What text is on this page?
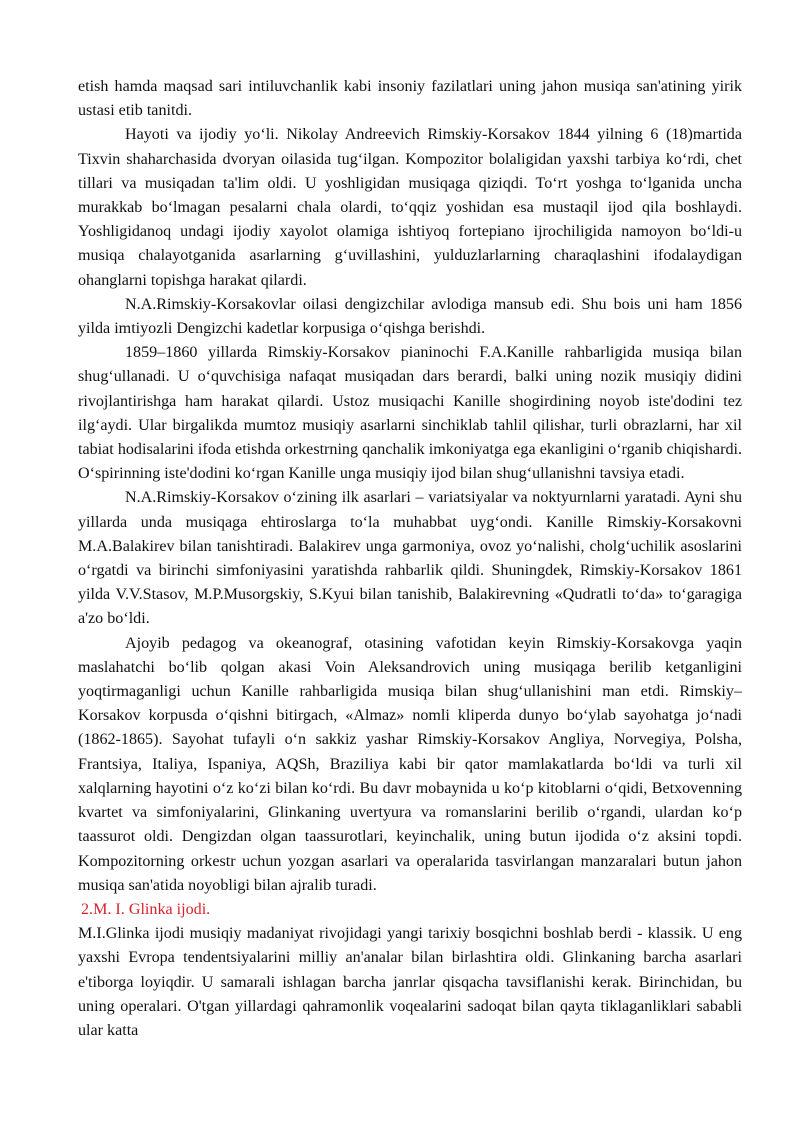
etish hamda maqsad sari intiluvchanlik kabi insoniy fazilatlari uning jahon musiqa san'atining yirik ustasi etib tanitdi.

Hayoti va ijodiy yoʻli. Nikolay Andreevich Rimskiy-Korsakov 1844 yilning 6 (18)martida Tixvin shaharchasida dvoryan oilasida tugʻilgan. Kompozitor bolaligidan yaxshi tarbiya koʻrdi, chet tillari va musiqadan ta'lim oldi. U yoshligidan musiqaga qiziqdi. Toʻrt yoshga toʻlganida uncha murakkab boʻlmagan pesalarni chala olardi, toʻqqiz yoshidan esa mustaqil ijod qila boshlaydi. Yoshligidanoq undagi ijodiy xayolot olamiga ishtiyoq fortepiano ijrochiligida namoyon boʻldi-u musiqa chalayotganida asarlarning gʻuvillashini, yulduzlarlarning charaqlashini ifodalaydigan ohanglarni topishga harakat qilardi.

N.A.Rimskiy-Korsakovlar oilasi dengizchilar avlodiga mansub edi. Shu bois uni ham 1856 yilda imtiyozli Dengizchi kadetlar korpusiga oʻqishga berishdi.

1859–1860 yillarda Rimskiy-Korsakov pianinochi F.A.Kanille rahbarligida musiqa bilan shugʻullanadi. U oʻquvchisiga nafaqat musiqadan dars berardi, balki uning nozik musiqiy didini rivojlantirishga ham harakat qilardi. Ustoz musiqachi Kanille shogirdining noyob iste'dodini tez ilgʻaydi. Ular birgalikda mumtoz musiqiy asarlarni sinchiklab tahlil qilishar, turli obrazlarni, har xil tabiat hodisalarini ifoda etishda orkestrning qanchalik imkoniyatga ega ekanligini oʻrganib chiqishardi. Oʻspirinning iste'dodini koʻrgan Kanille unga musiqiy ijod bilan shugʻullanishni tavsiya etadi.

N.A.Rimskiy-Korsakov oʻzining ilk asarlari – variatsiyalar va noktyurnlarni yaratadi. Ayni shu yillarda unda musiqaga ehtiroslarga toʻla muhabbat uygʻondi. Kanille Rimskiy-Korsakovni M.A.Balakirev bilan tanishtiradi. Balakirev unga garmoniya, ovoz yoʻnalishi, cholgʻuchilik asoslarini oʻrgatdi va birinchi simfoniyasini yaratishda rahbarlik qildi. Shuningdek, Rimskiy-Korsakov 1861 yilda V.V.Stasov, M.P.Musorgskiy, S.Kyui bilan tanishib, Balakirevning «Qudratli toʻda» toʻgaragiga a'zo boʻldi.

Ajoyib pedagog va okeanograf, otasining vafotidan keyin Rimskiy-Korsakovga yaqin maslahatchi boʻlib qolgan akasi Voin Aleksandrovich uning musiqaga berilib ketganligini yoqtirmaganligi uchun Kanille rahbarligida musiqa bilan shugʻullanishini man etdi. Rimskiy–Korsakov korpusda oʻqishni bitirgach, «Almaz» nomli kliperda dunyo boʻylab sayohatga joʻnadi (1862-1865). Sayohat tufayli oʻn sakkiz yashar Rimskiy-Korsakov Angliya, Norvegiya, Polsha, Frantsiya, Italiya, Ispaniya, AQSh, Braziliya kabi bir qator mamlakatlarda boʻldi va turli xil xalqlarning hayotini oʻz koʻzi bilan koʻrdi. Bu davr mobaynida u koʻp kitoblarni oʻqidi, Betxovenning kvartet va simfoniyalarini, Glinkaning uvertyura va romanslarini berilib oʻrgandi, ulardan koʻp taassurot oldi. Dengizdan olgan taassurotlari, keyinchalik, uning butun ijodida oʻz aksini topdi. Kompozitorning orkestr uchun yozgan asarlari va operalarida tasvirlangan manzaralari butun jahon musiqa san'atida noyobligi bilan ajralib turadi.

2.M. I. Glinka ijodi.

M.I.Glinka ijodi musiqiy madaniyat rivojidagi yangi tarixiy bosqichni boshlab berdi - klassik. U eng yaxshi Evropa tendentsiyalarini milliy an'analar bilan birlashtira oldi. Glinkaning barcha asarlari e'tiborga loyiqdir. U samarali ishlagan barcha janrlar qisqacha tavsiflanishi kerak. Birinchidan, bu uning operalari. O'tgan yillardagi qahramonlik voqealarini sadoqat bilan qayta tiklaganliklari sababli ular katta
